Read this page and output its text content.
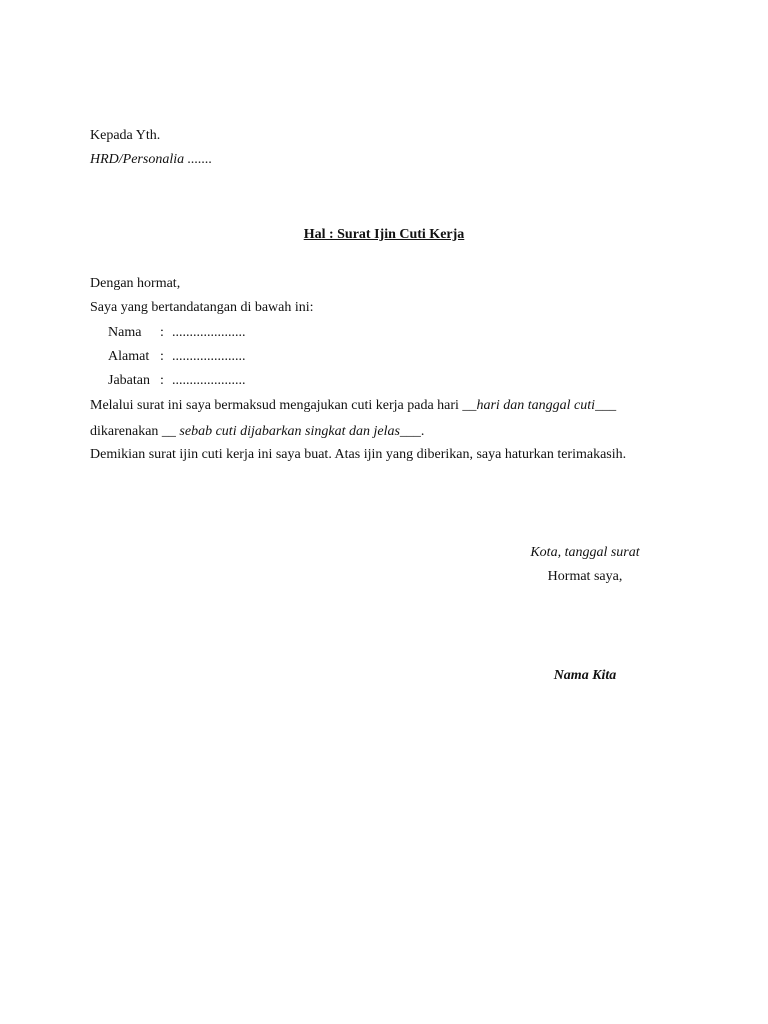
Kepada Yth.
HRD/Personalia .......
Hal : Surat Ijin Cuti Kerja
Dengan hormat,
Saya yang bertandatangan di bawah ini:
Nama : .....................
Alamat : .....................
Jabatan : .....................
Melalui surat ini saya bermaksud mengajukan cuti kerja pada hari __hari dan tanggal cuti___
dikarenakan __ sebab cuti dijabarkan singkat dan jelas___.
Demikian surat ijin cuti kerja ini saya buat. Atas ijin yang diberikan, saya haturkan terimakasih.
Kota, tanggal surat
Hormat saya,
Nama Kita
